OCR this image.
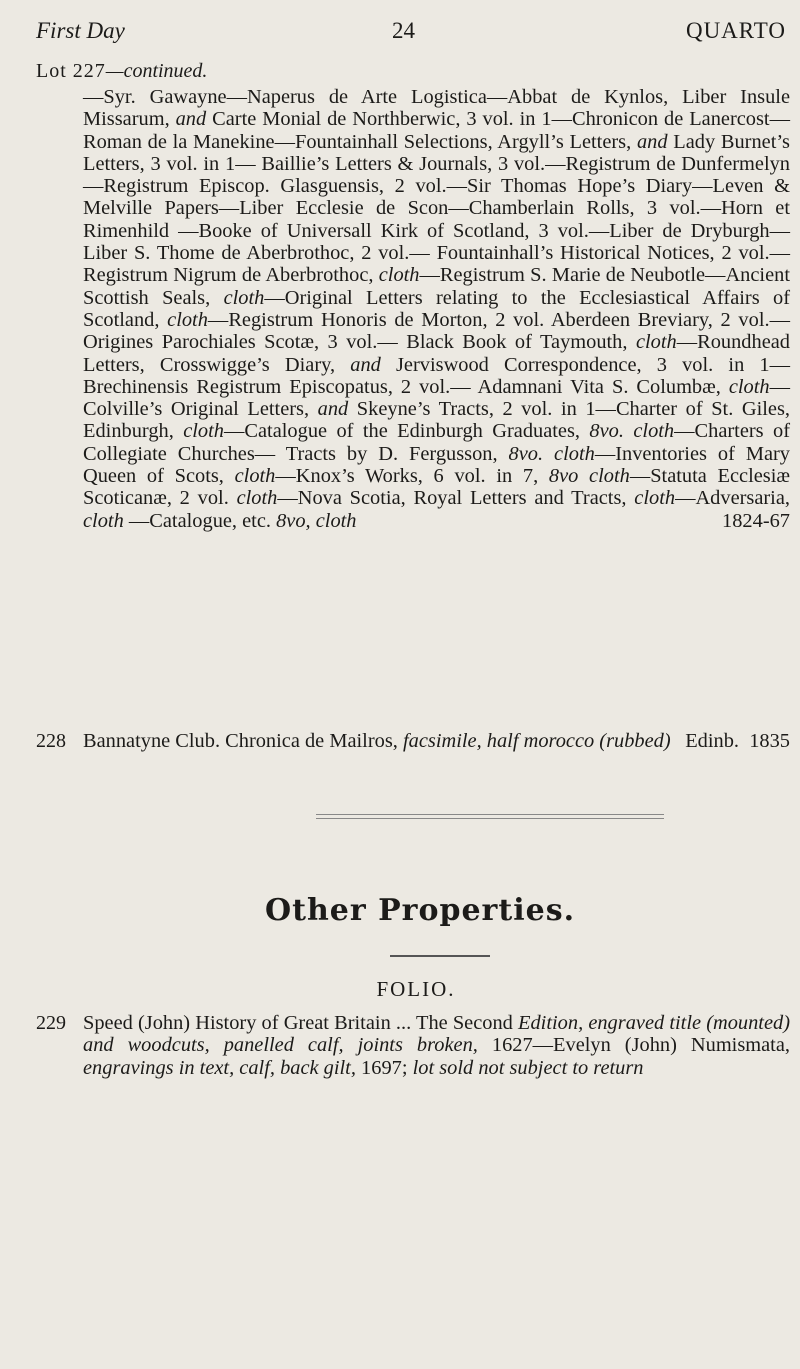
First Day	24	QUARTO
Lot 227—continued.
—Syr. Gawayne—Naperus de Arte Logistica—Abbat de Kynlos, Liber Insule Missarum, and Carte Monial de Northberwic, 3 vol. in 1—Chronicon de Lanercost—Roman de la Manekine—Fountainhall Selections, Argyll’s Letters, and Lady Burnet’s Letters, 3 vol. in 1— Baillie’s Letters & Journals, 3 vol.—Registrum de Dunfermelyn —Registrum Episcop. Glasguensis, 2 vol.—Sir Thomas Hope’s Diary—Leven & Melville Papers—Liber Ecclesie de Scon—Chamberlain Rolls, 3 vol.—Horn et Rimenhild —Booke of Universall Kirk of Scotland, 3 vol.—Liber de Dryburgh—Liber S. Thome de Aberbrothoc, 2 vol.— Fountainhall’s Historical Notices, 2 vol.—Registrum Nigrum de Aberbrothoc, cloth—Registrum S. Marie de Neubotle—Ancient Scottish Seals, cloth—Original Letters relating to the Ecclesiastical Affairs of Scotland, cloth—Registrum Honoris de Morton, 2 vol. Aberdeen Breviary, 2 vol.—Origines Parochiales Scotæ, 3 vol.— Black Book of Taymouth, cloth—Roundhead Letters, Crosswigge’s Diary, and Jerviswood Correspondence, 3 vol. in 1—Brechinensis Registrum Episcopatus, 2 vol.— Adamnani Vita S. Columbæ, cloth—Colville’s Original Letters, and Skeyne’s Tracts, 2 vol. in 1—Charter of St. Giles, Edinburgh, cloth—Catalogue of the Edinburgh Graduates, 8vo. cloth—Charters of Collegiate Churches— Tracts by D. Fergusson, 8vo. cloth—Inventories of Mary Queen of Scots, cloth—Knox’s Works, 6 vol. in 7, 8vo cloth—Statuta Ecclesiæ Scoticanæ, 2 vol. cloth—Nova Scotia, Royal Letters and Tracts, cloth—Adversaria, cloth —Catalogue, etc. 8vo, cloth	1824-67
228 Bannatyne Club. Chronica de Mailros, facsimile, half morocco (rubbed) Edinb. 1835
Other Properties.
FOLIO.
229 Speed (John) History of Great Britain ... The Second Edition, engraved title (mounted) and woodcuts, panelled calf, joints broken, 1627—Evelyn (John) Numismata, engravings in text, calf, back gilt, 1697; lot sold not subject to return
